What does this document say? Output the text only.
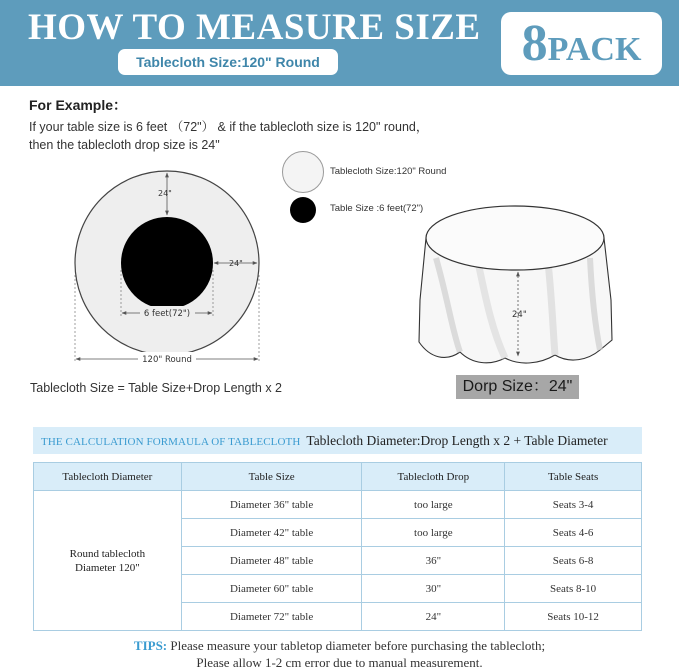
HOW TO MEASURE SIZE
Tablecloth Size:120" Round	8PACK
For Example：
If your table size is 6 feet （72"） & if the tablecloth size is 120" round，
then the tablecloth drop size is 24"
Tablecloth Size:120" Round
Table Size :6 feet(72")
24"
24"
6 feet(72")
120" Round
24"
Tablecloth Size = Table Size+Drop Length x 2	Dorp Size：24"
THE CALCULATION FORMAULA OF TABLECLOTH Tablecloth Diameter:Drop Length x 2 + Table Diameter
Tablecloth Diameter	Table Size	Tablecloth Drop	Table Seats

Round tablecloth
Diameter 120"	Diameter 36" table	too large	Seats 3-4
	Diameter 42" table	too large	Seats 4-6
	Diameter 48" table	36"	Seats 6-8
	Diameter 60" table	30"	Seats 8-10
	Diameter 72" table	24"	Seats 10-12
TIPS: Please measure your tabletop diameter before purchasing the tablecloth;
Please allow 1-2 cm error due to manual measurement.
